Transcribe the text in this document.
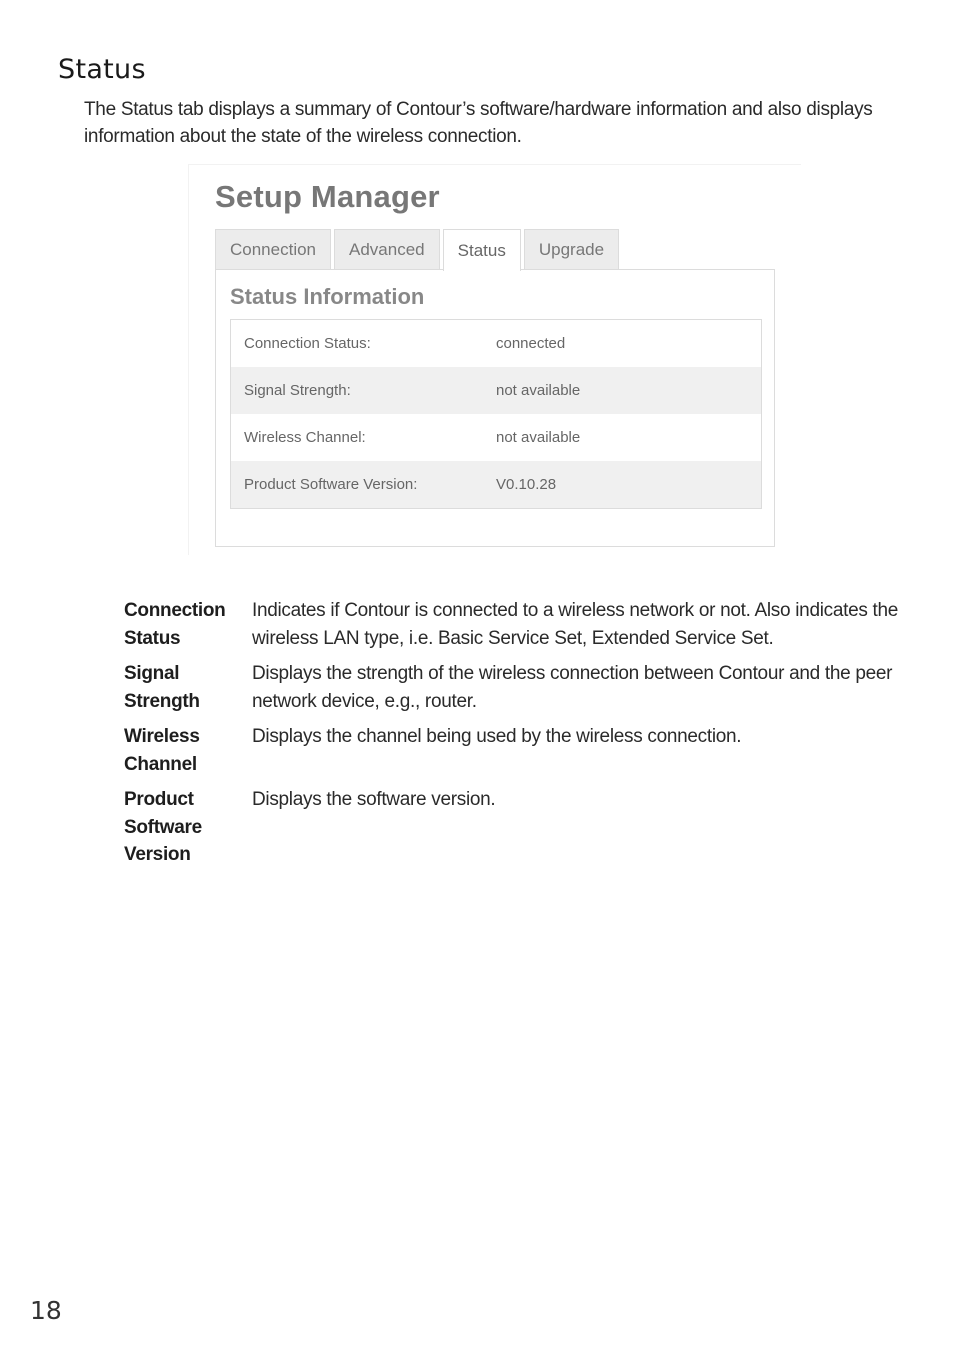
Status

The Status tab displays a summary of Contour’s software/hardware information and also displays information about the state of the wireless connection.

Setup Manager
Connection	Advanced	Status	Upgrade
Status Information
Connection Status:	connected
Signal Strength:	not available
Wireless Channel:	not available
Product Software Version:	V0.10.28
Connection Status
Indicates if Contour is connected to a wireless network or not. Also indicates the wireless LAN type, i.e. Basic Service Set, Extended Service Set.
Signal Strength
Displays the strength of the wireless connection between Contour and the peer network device, e.g., router.
Wireless Channel
Displays the channel being used by the wireless connection.
Product Software Version
Displays the software version.
18
